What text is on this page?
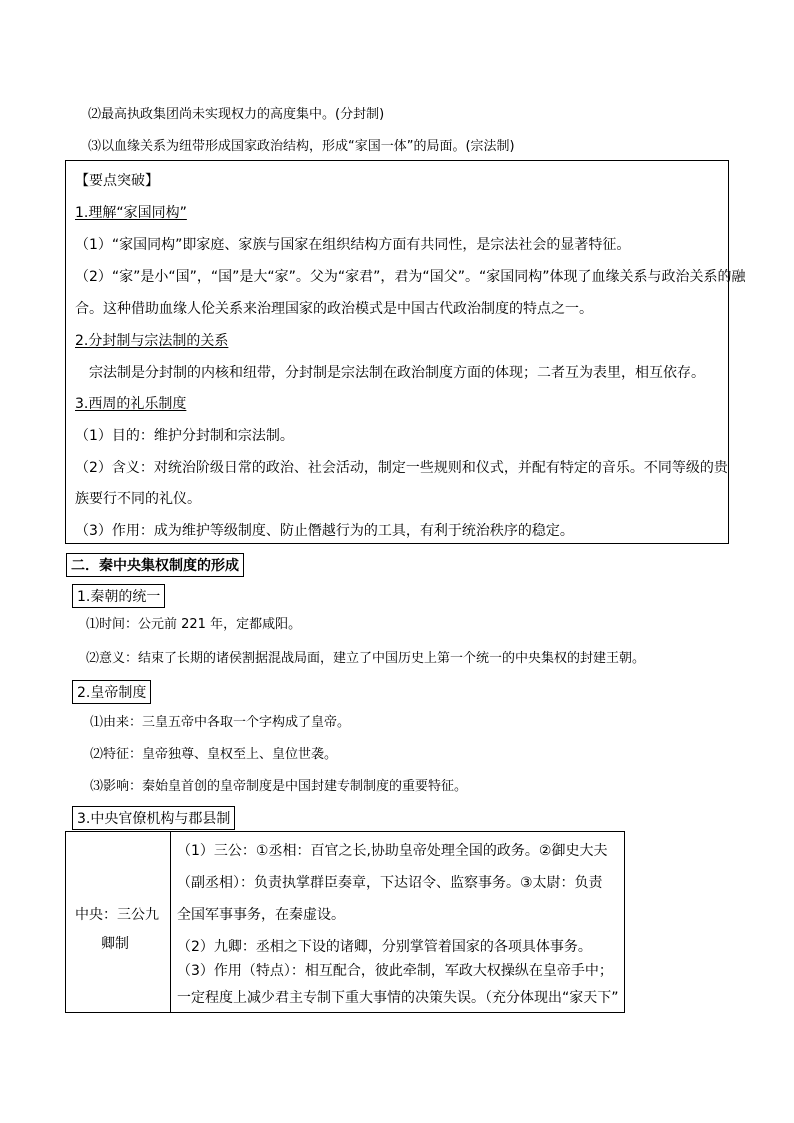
⑵最高执政集团尚未实现权力的高度集中。(分封制)
⑶以血缘关系为纽带形成国家政治结构，形成“家国一体”的局面。(宗法制)
【要点突破】
1.理解“家国同构”
（1）“家国同构”即家庭、家族与国家在组织结构方面有共同性，是宗法社会的显著特征。
（2）“家”是小“国”，“国”是大“家”。父为“家君”，君为“国父”。“家国同构”体现了血缘关系与政治关系的融
合。这种借助血缘人伦关系来治理国家的政治模式是中国古代政治制度的特点之一。
2.分封制与宗法制的关系
宗法制是分封制的内核和纽带，分封制是宗法制在政治制度方面的体现；二者互为表里，相互依存。
3.西周的礼乐制度
（1）目的：维护分封制和宗法制。
（2）含义：对统治阶级日常的政治、社会活动，制定一些规则和仪式，并配有特定的音乐。不同等级的贵
族要行不同的礼仪。
（3）作用：成为维护等级制度、防止僭越行为的工具，有利于统治秩序的稳定。
二．秦中央集权制度的形成
1.秦朝的统一
⑴时间：公元前 221 年，定都咸阳。
⑵意义：结束了长期的诸侯割据混战局面，建立了中国历史上第一个统一的中央集权的封建王朝。
2.皇帝制度
⑴由来：三皇五帝中各取一个字构成了皇帝。
⑵特征：皇帝独尊、皇权至上、皇位世袭。
⑶影响：秦始皇首创的皇帝制度是中国封建专制制度的重要特征。
3.中央官僚机构与郡县制
中央：三公九
卿制
（1）三公：①丞相：百官之长,协助皇帝处理全国的政务。②御史大夫
（副丞相）：负责执掌群臣奏章，下达诏令、监察事务。③太尉：负责
全国军事事务，在秦虚设。
（2）九卿：丞相之下设的诸卿，分别掌管着国家的各项具体事务。
（3）作用（特点）：相互配合，彼此牵制，军政大权操纵在皇帝手中；
一定程度上减少君主专制下重大事情的决策失误。（充分体现出“家天下”
